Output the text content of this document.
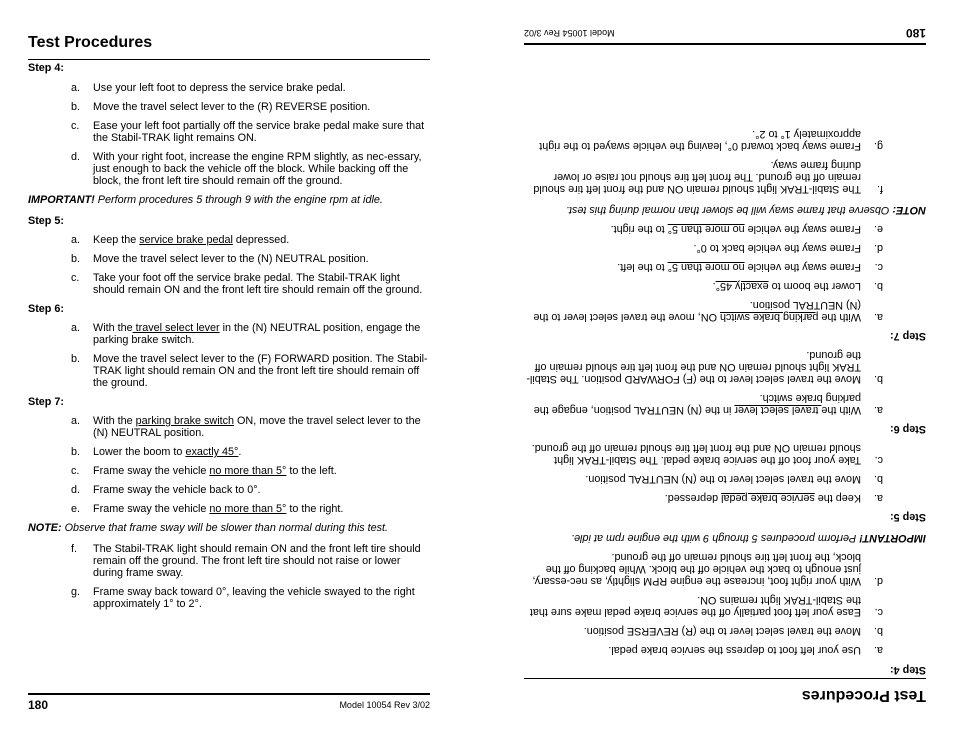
Test Procedures

Step 4:

a.	Use your left foot to depress the service brake pedal.
b.	Move the travel select lever to the (R) REVERSE position.
c.	Ease your left foot partially off the service brake pedal make sure that the Stabil-TRAK light remains ON.
d.	With your right foot, increase the engine RPM slightly, as nec-essary, just enough to back the vehicle off the block. While backing off the block, the front left tire should remain off the ground.

IMPORTANT! Perform procedures 5 through 9 with the engine rpm at idle.

Step 5:

a.	Keep the service brake pedal depressed.
b.	Move the travel select lever to the (N) NEUTRAL position.
c.	Take your foot off the service brake pedal. The Stabil-TRAK light should remain ON and the front left tire should remain off the ground.

Step 6:

a.	With the travel select lever in the (N) NEUTRAL position, engage the parking brake switch.
b.	Move the travel select lever to the (F) FORWARD position. The Stabil-TRAK light should remain ON and the front left tire should remain off the ground.

Step 7:

a.	With the parking brake switch ON, move the travel select lever to the (N) NEUTRAL position.
b.	Lower the boom to exactly 45°.
c.	Frame sway the vehicle no more than 5° to the left.
d.	Frame sway the vehicle back to 0°.
e.	Frame sway the vehicle no more than 5° to the right.

NOTE: Observe that frame sway will be slower than normal during this test.

f.	The Stabil-TRAK light should remain ON and the front left tire should remain off the ground. The front left tire should not raise or lower during frame sway.
g.	Frame sway back toward 0°, leaving the vehicle swayed to the right approximately 1° to 2°.
180	Model 10054 Rev 3/02
Test Procedures

Step 4:

a.
Use your left foot to depress the service brake pedal.
b.
Move the travel select lever to the (R) REVERSE position.
c.
Ease your left foot partially off the service brake pedal make sure that the Stabil-TRAK light remains ON.
d.
With your right foot, increase the engine RPM slightly, as nec-essary, just enough to back the vehicle off the block. While backing off the block, the front left tire should remain off the ground.

IMPORTANT! Perform procedures 5 through 9 with the engine rpm at idle.

Step 5:

a.
Keep the service brake pedal depressed.
b.
Move the travel select lever to the (N) NEUTRAL position.
c.
Take your foot off the service brake pedal. The Stabil-TRAK light should remain ON and the front left tire should remain off the ground.

Step 6:

a.
With the travel select lever in the (N) NEUTRAL position, engage the parking brake switch.
b.
Move the travel select lever to the (F) FORWARD position. The Stabil-TRAK light should remain ON and the front left tire should remain off the ground.

Step 7:

a.
With the parking brake switch ON, move the travel select lever to the (N) NEUTRAL position.
b.
Lower the boom to exactly 45°.
c.
Frame sway the vehicle no more than 5° to the left.
d.
Frame sway the vehicle back to 0°.
e.
Frame sway the vehicle no more than 5° to the right.

NOTE: Observe that frame sway will be slower than normal during this test.

f.
The Stabil-TRAK light should remain ON and the front left tire should remain off the ground. The front left tire should not raise or lower during frame sway.
g.
Frame sway back toward 0°, leaving the vehicle swayed to the right approximately 1° to 2°.
180
Model 10054 Rev 3/02
